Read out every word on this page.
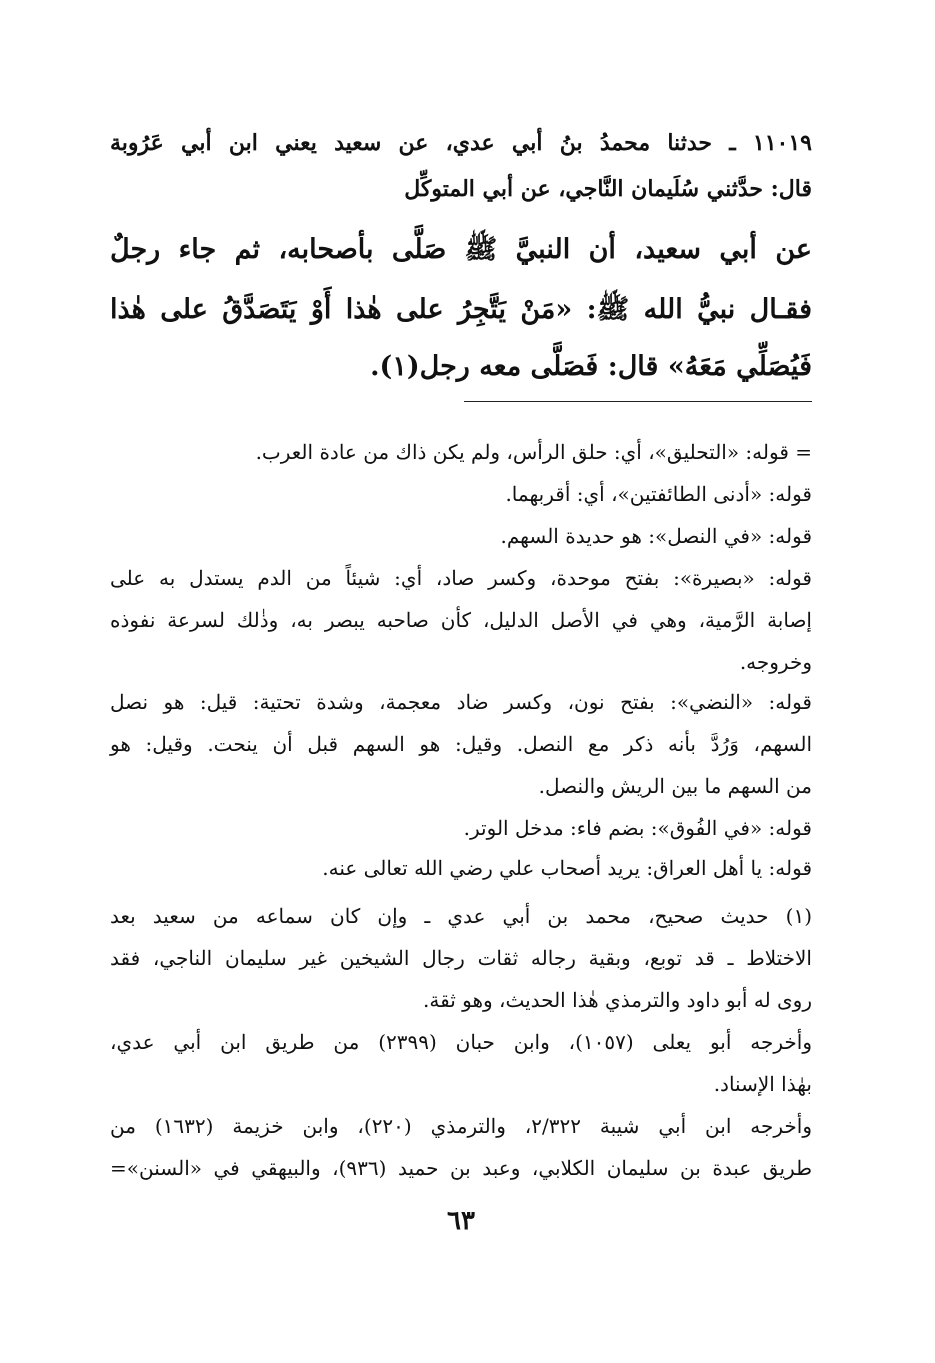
١١٠١٩ ـ حدثنا محمدُ بنُ أبي عدي، عن سعيد يعني ابن أبي عَرُوبة
قال: حدَّثني سُلَيمان النَّاجي، عن أبي المتوكِّل
عن أبي سعيد، أن النبيَّ ﷺ صَلَّى بأصحابه، ثم جاء رجلٌ
فقـال نبيُّ الله ﷺ: «مَنْ يَتَّجِرُ على هٰذا أَوْ يَتَصَدَّقُ على هٰذا
فَيُصَلِّي مَعَهُ» قال: فَصَلَّى معه رجل(١).
= قوله: «التحليق»، أي: حلق الرأس، ولم يكن ذاك من عادة العرب.
قوله: «أدنى الطائفتين»، أي: أقربهما.
قوله: «في النصل»: هو حديدة السهم.
قوله: «بصيرة»: بفتح موحدة، وكسر صاد، أي: شيئاً من الدم يستدل به على
إصابة الرَّمية، وهي في الأصل الدليل، كأن صاحبه يبصر به، وذٰلك لسرعة نفوذه
وخروجه.
قوله: «النضي»: بفتح نون، وكسر ضاد معجمة، وشدة تحتية: قيل: هو نصل
السهم، وَرُدَّ بأنه ذكر مع النصل. وقيل: هو السهم قبل أن ينحت. وقيل: هو
من السهم ما بين الريش والنصل.
قوله: «في الفُوق»: بضم فاء: مدخل الوتر.
قوله: يا أهل العراق: يريد أصحاب علي رضي الله تعالى عنه.
(١) حديث صحيح، محمد بن أبي عدي ـ وإن كان سماعه من سعيد بعد
الاختلاط ـ قد توبع، وبقية رجاله ثقات رجال الشيخين غير سليمان الناجي، فقد
روى له أبو داود والترمذي هٰذا الحديث، وهو ثقة.
وأخرجه أبو يعلى (١٠٥٧)، وابن حبان (٢٣٩٩) من طريق ابن أبي عدي،
بهٰذا الإسناد.
وأخرجه ابن أبي شيبة ٢/٣٢٢، والترمذي (٢٢٠)، وابن خزيمة (١٦٣٢) من
طريق عبدة بن سليمان الكلابي، وعبد بن حميد (٩٣٦)، والبيهقي في «السنن»=
٦٣
